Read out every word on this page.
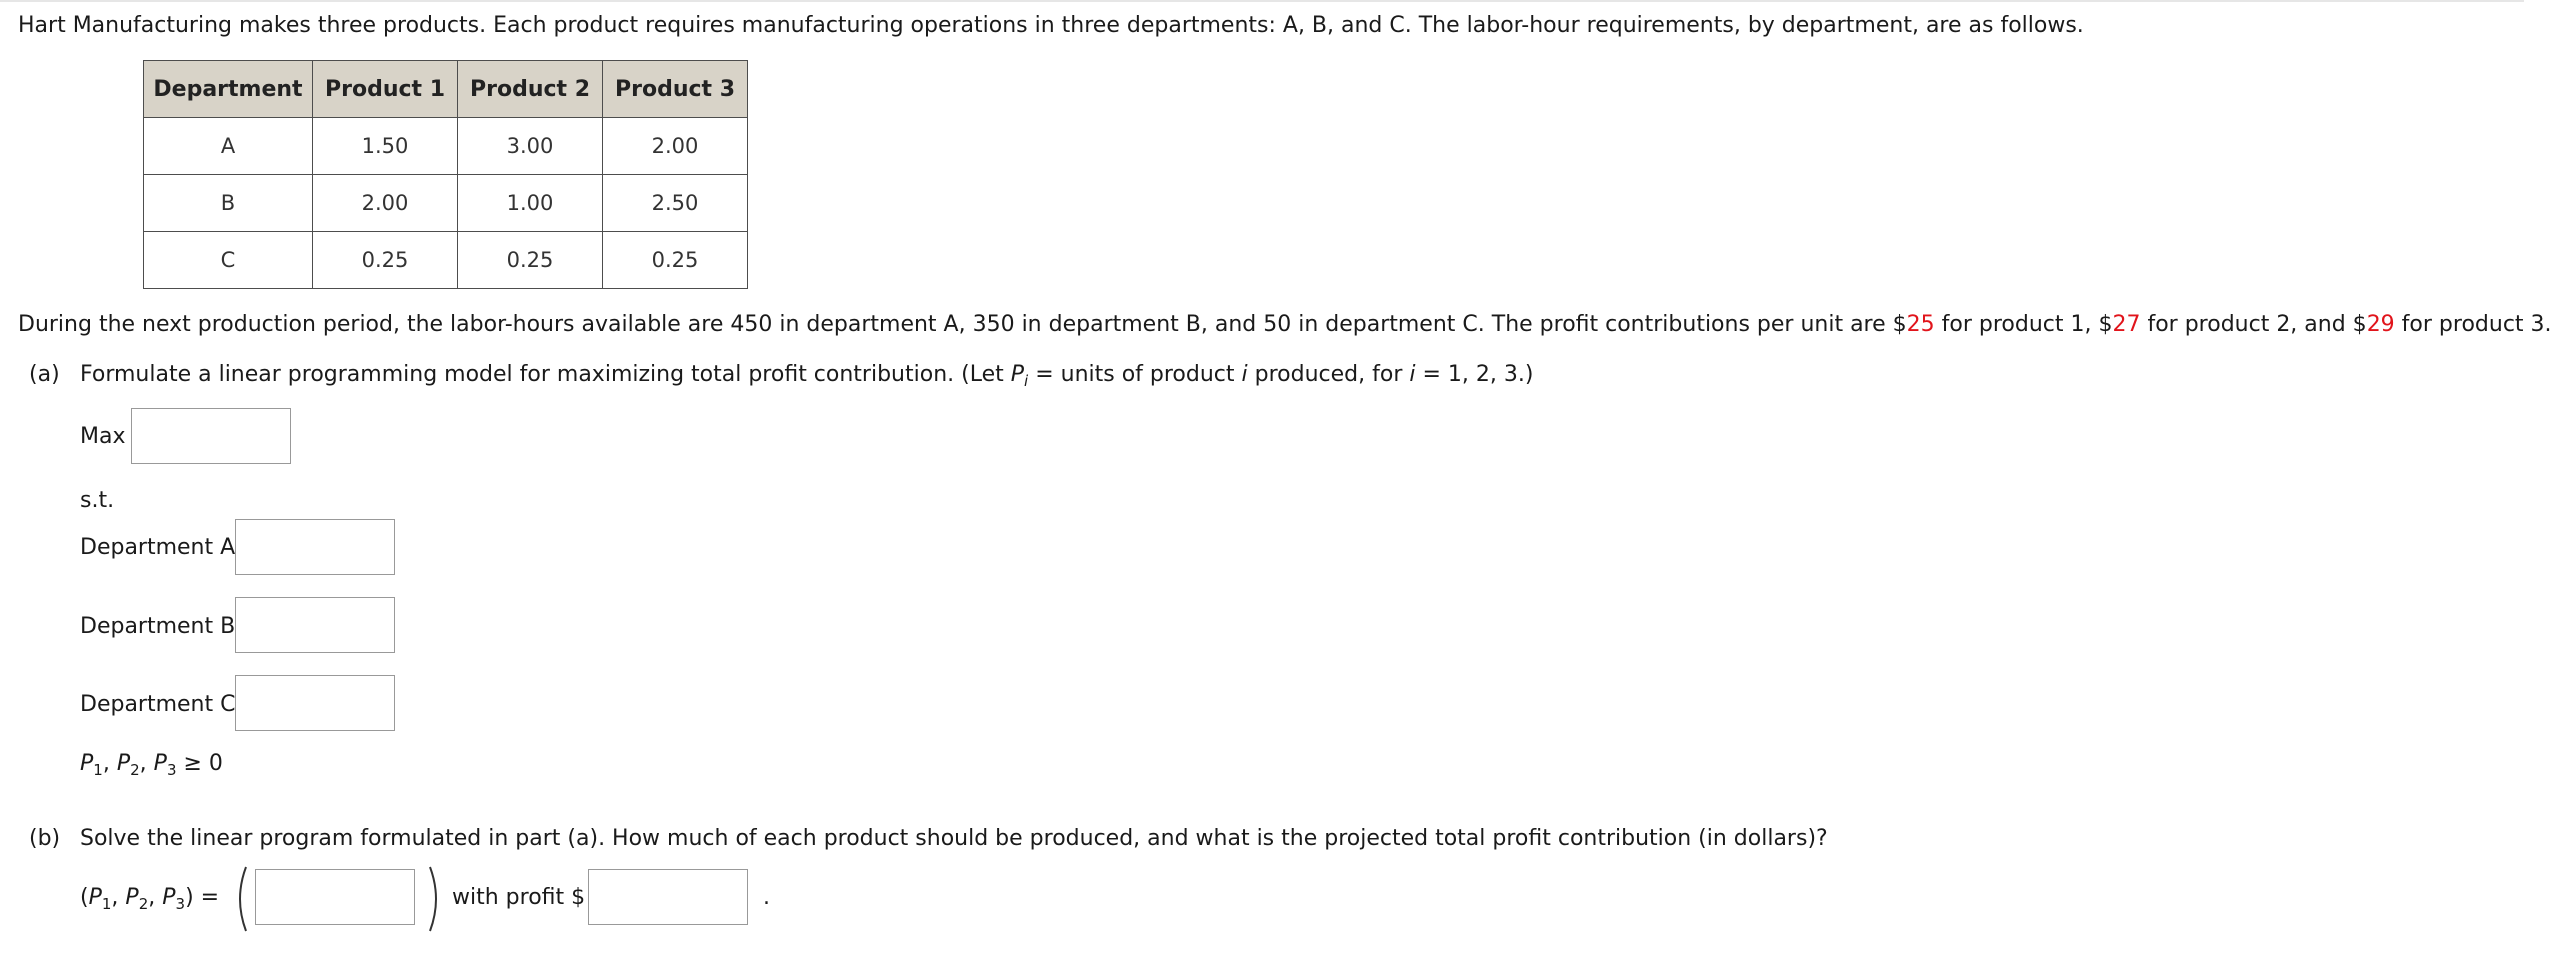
Hart Manufacturing makes three products. Each product requires manufacturing operations in three departments: A, B, and C. The labor-hour requirements, by department, are as follows.
Department	Product 1	Product 2	Product 3
A	1.50	3.00	2.00
B	2.00	1.00	2.50
C	0.25	0.25	0.25
During the next production period, the labor-hours available are 450 in department A, 350 in department B, and 50 in department C. The profit contributions per unit are $25 for product 1, $27 for product 2, and $29 for product 3.
(a) Formulate a linear programming model for maximizing total profit contribution. (Let $P_i$ = units of product i produced, for i = 1, 2, 3.)
Max
s.t.
Department A
Department B
Department C
$P_1$, $P_2$, $P_3 \ge 0$
(b) Solve the linear program formulated in part (a). How much of each product should be produced, and what is the projected total profit contribution (in dollars)?
($P_1$, $P_2$, $P_3$) =	with profit $	.
